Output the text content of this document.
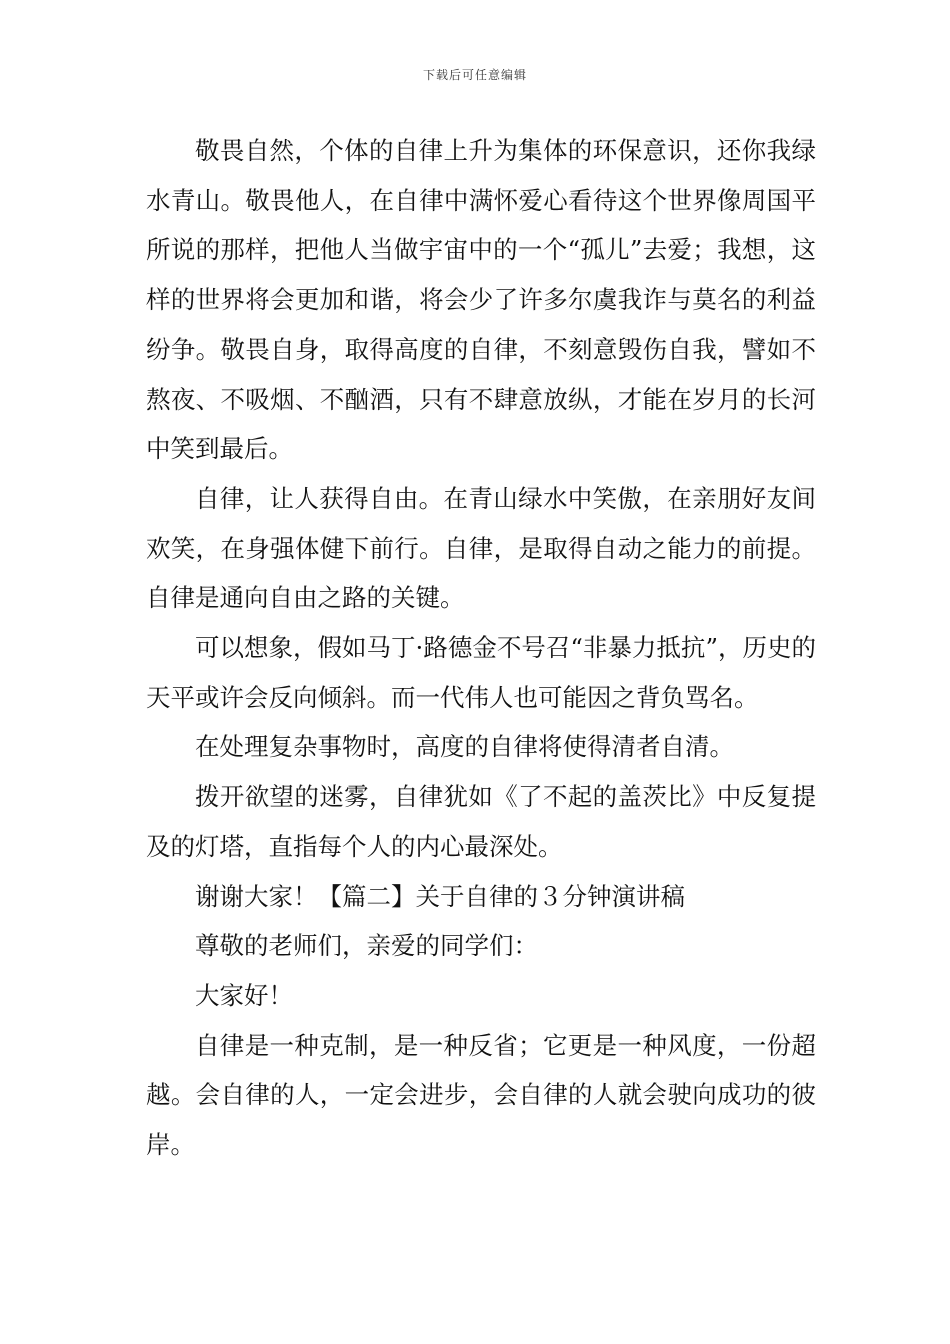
下载后可任意编辑

敬畏自然，个体的自律上升为集体的环保意识，还你我绿水青山。敬畏他人，在自律中满怀爱心看待这个世界像周国平所说的那样，把他人当做宇宙中的一个“孤儿”去爱；我想，这样的世界将会更加和谐，将会少了许多尔虞我诈与莫名的利益纷争。敬畏自身，取得高度的自律，不刻意毁伤自我，譬如不熬夜、不吸烟、不酗酒，只有不肆意放纵，才能在岁月的长河中笑到最后。

自律，让人获得自由。在青山绿水中笑傲，在亲朋好友间欢笑，在身强体健下前行。自律，是取得自动之能力的前提。自律是通向自由之路的关键。

可以想象，假如马丁·路德金不号召“非暴力抵抗”，历史的天平或许会反向倾斜。而一代伟人也可能因之背负骂名。

在处理复杂事物时，高度的自律将使得清者自清。

拨开欲望的迷雾，自律犹如《了不起的盖茨比》中反复提及的灯塔，直指每个人的内心最深处。

谢谢大家！【篇二】关于自律的３分钟演讲稿

尊敬的老师们，亲爱的同学们：

大家好！

自律是一种克制，是一种反省；它更是一种风度，一份超越。会自律的人，一定会进步，会自律的人就会驶向成功的彼岸。
